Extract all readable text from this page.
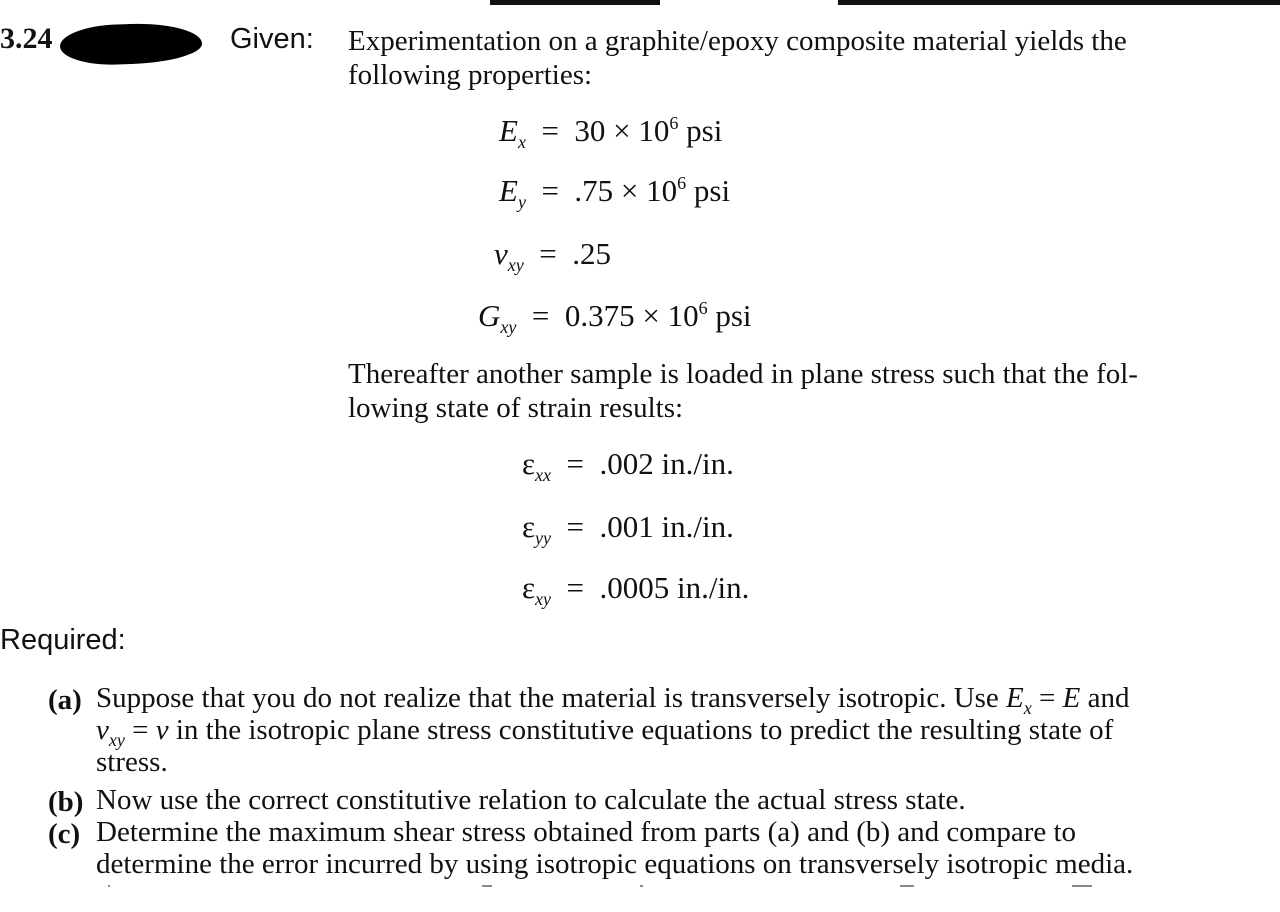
3.24	Given: Experimentation on a graphite/epoxy composite material yields the
following properties:
$E_x = 30 \times 10^6$ psi
$E_y = .75 \times 10^6$ psi
$\nu_{xy} = .25$
$G_{xy} = 0.375 \times 10^6$ psi
Thereafter another sample is loaded in plane stress such that the fol-
lowing state of strain results:
$\varepsilon_{xx} = .002$ in./in.
$\varepsilon_{yy} = .001$ in./in.
$\varepsilon_{xy} = .0005$ in./in.
Required:
(a) Suppose that you do not realize that the material is transversely isotropic. Use $E_x = E$ and
$\nu_{xy} = \nu$ in the isotropic plane stress constitutive equations to predict the resulting state of
stress.
(b) Now use the correct constitutive relation to calculate the actual stress state.
(c) Determine the maximum shear stress obtained from parts (a) and (b) and compare to
determine the error incurred by using isotropic equations on transversely isotropic media.
